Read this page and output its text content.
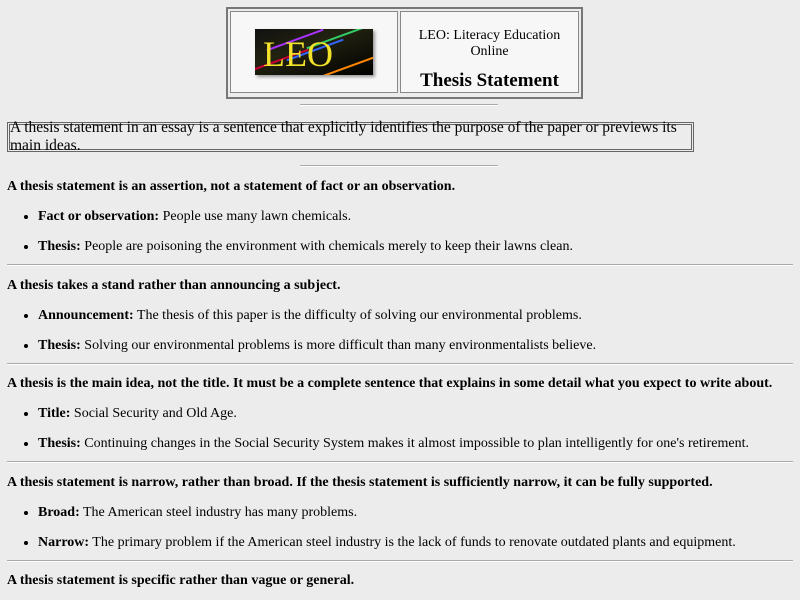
LEO	LEO: Literacy Education Online
Thesis Statement
A thesis statement in an essay is a sentence that explicitly identifies the purpose of the paper or previews its main ideas.
A thesis statement is an assertion, not a statement of fact or an observation.
• Fact or observation: People use many lawn chemicals.
• Thesis: People are poisoning the environment with chemicals merely to keep their lawns clean.
A thesis takes a stand rather than announcing a subject.
• Announcement: The thesis of this paper is the difficulty of solving our environmental problems.
• Thesis: Solving our environmental problems is more difficult than many environmentalists believe.
A thesis is the main idea, not the title. It must be a complete sentence that explains in some detail what you expect to write about.
• Title: Social Security and Old Age.
• Thesis: Continuing changes in the Social Security System makes it almost impossible to plan intelligently for one's retirement.
A thesis statement is narrow, rather than broad. If the thesis statement is sufficiently narrow, it can be fully supported.
• Broad: The American steel industry has many problems.
• Narrow: The primary problem if the American steel industry is the lack of funds to renovate outdated plants and equipment.
A thesis statement is specific rather than vague or general.
